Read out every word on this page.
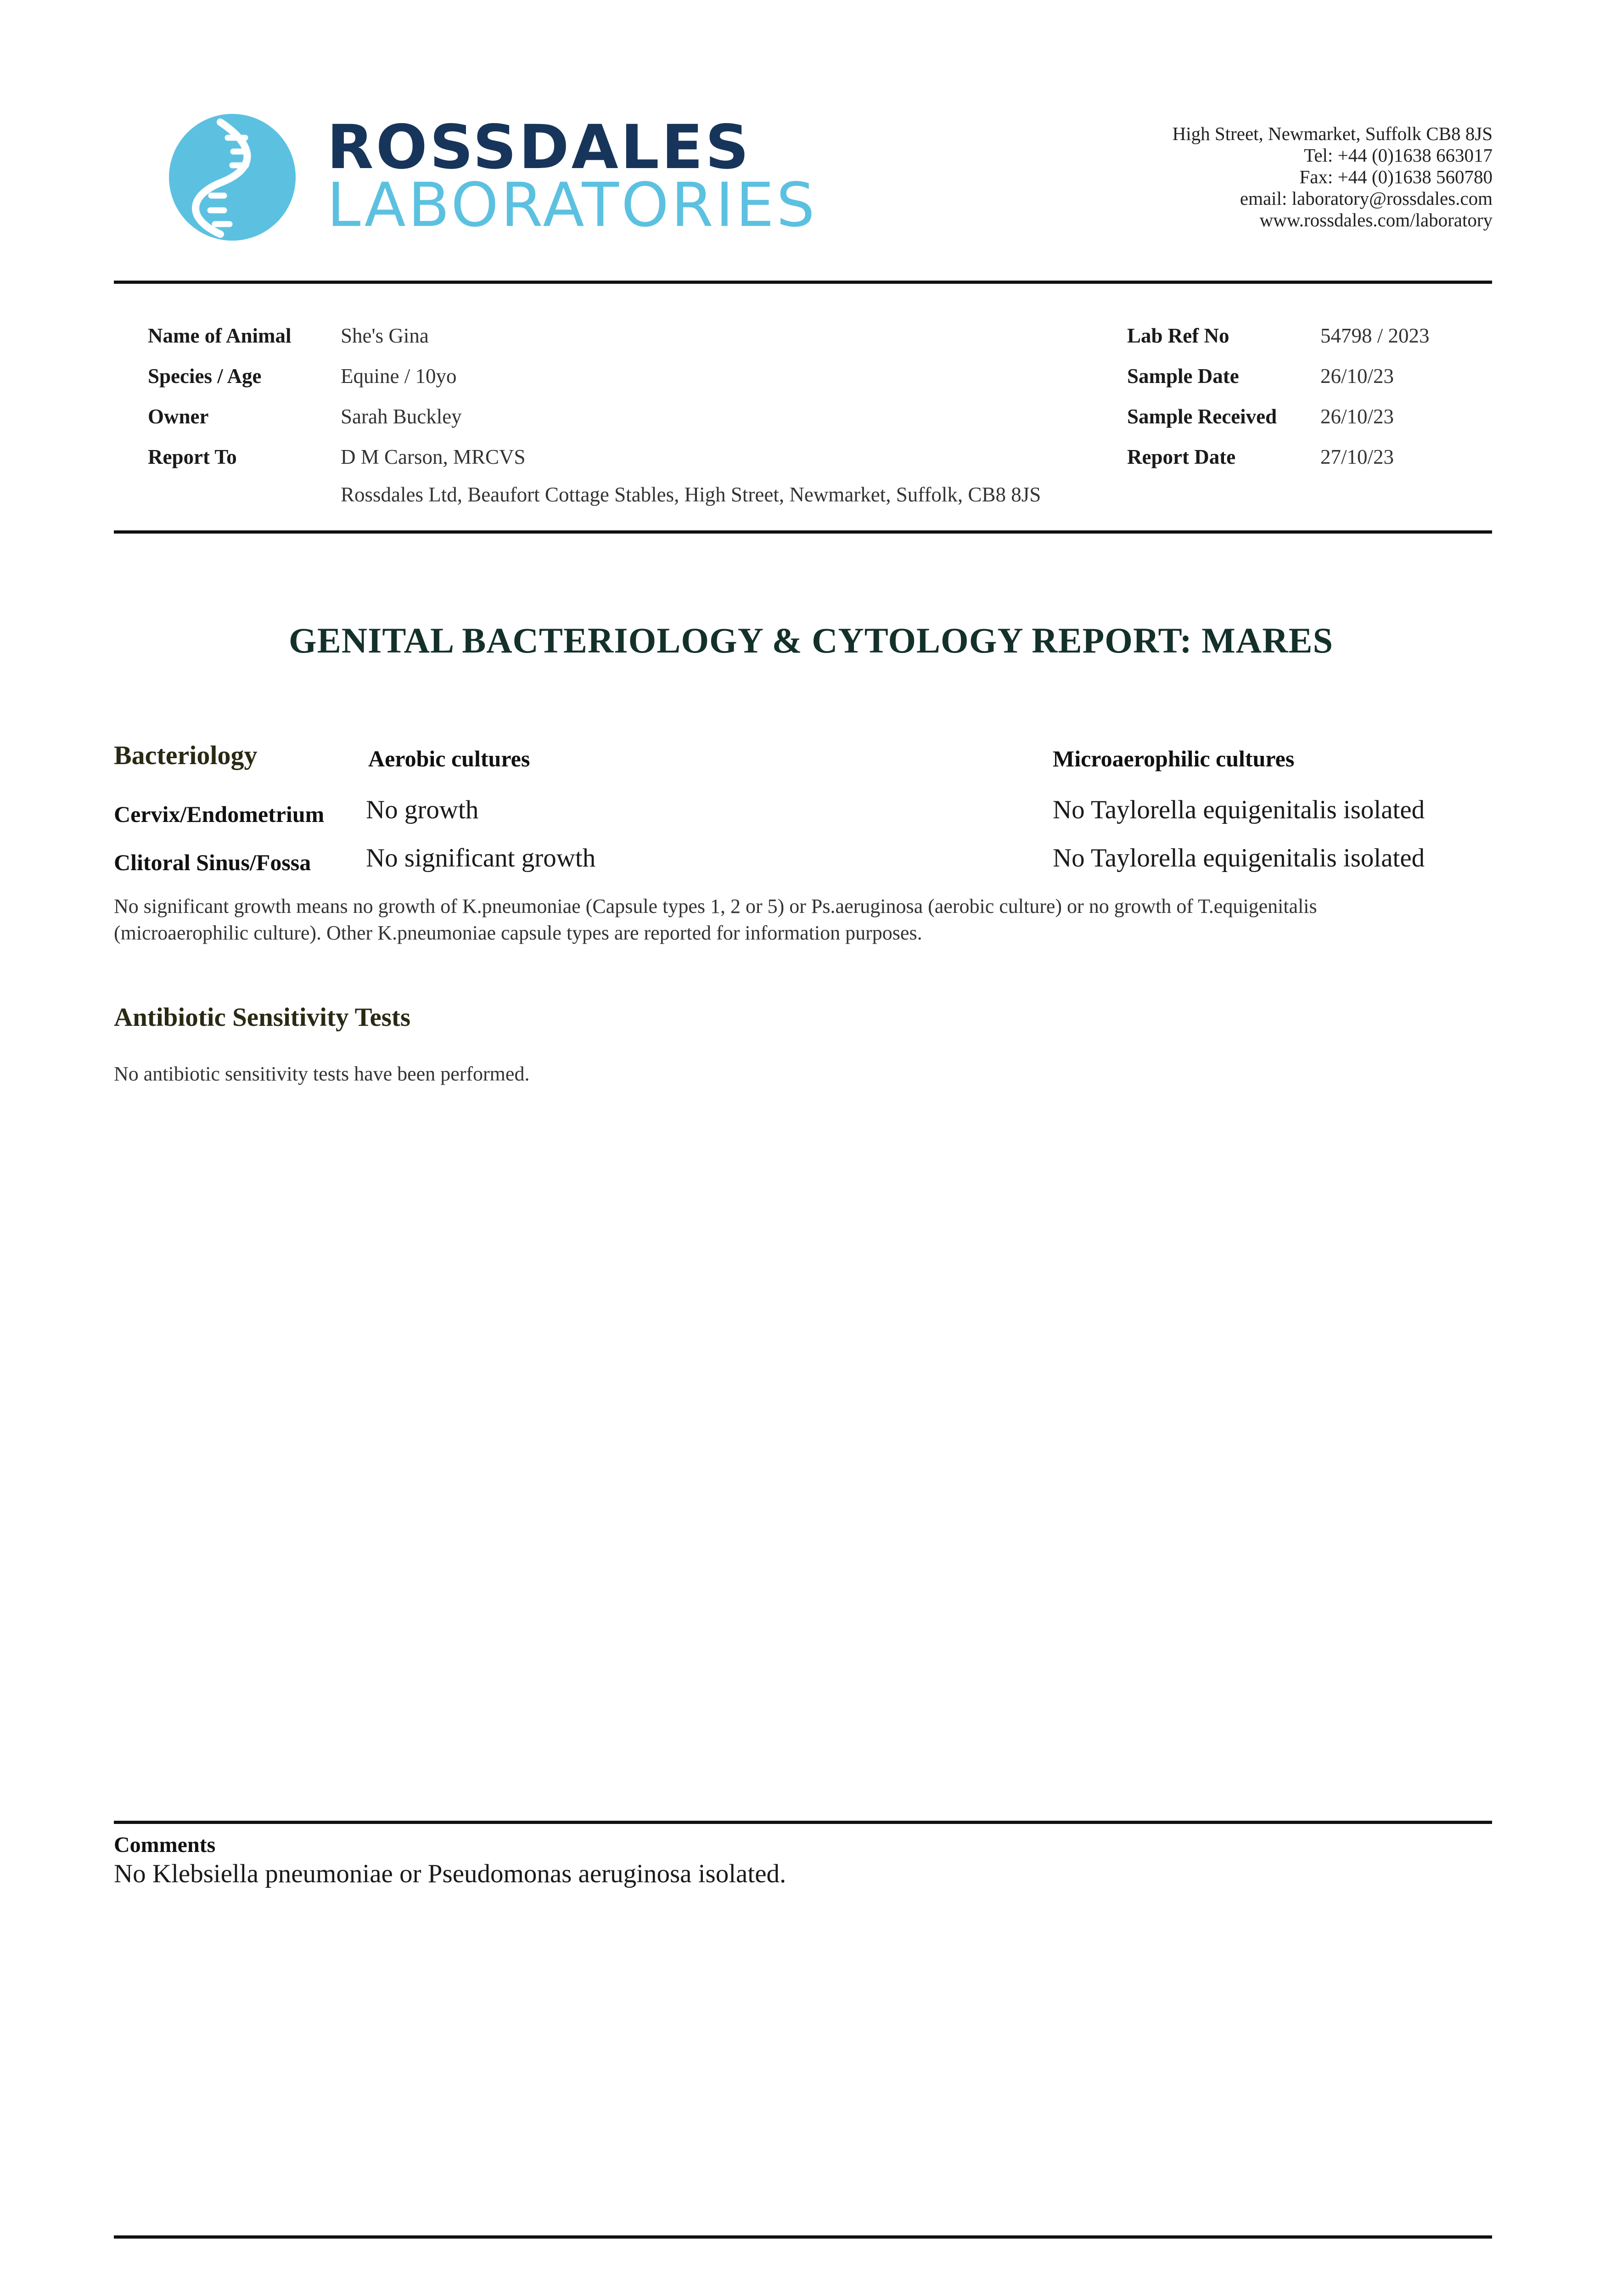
ROSSDALES
LABORATORIES
High Street, Newmarket, Suffolk CB8 8JS
Tel: +44 (0)1638 663017
Fax: +44 (0)1638 560780
email: laboratory@rossdales.com
www.rossdales.com/laboratory
Name of Animal She's Gina
Species / Age	Equine / 10yo
Owner	Sarah Buckley
Report To	D M Carson, MRCVS
Rossdales Ltd, Beaufort Cottage Stables, High Street, Newmarket, Suffolk, CB8 8JS
Lab Ref No	54798 / 2023
Sample Date	26/10/23
Sample Received 26/10/23
Report Date	27/10/23
GENITAL BACTERIOLOGY & CYTOLOGY REPORT: MARES
Bacteriology	Aerobic cultures	Microaerophilic cultures
Cervix/Endometrium No growth	No Taylorella equigenitalis isolated
Clitoral Sinus/Fossa No significant growth	No Taylorella equigenitalis isolated
No significant growth means no growth of K.pneumoniae (Capsule types 1, 2 or 5) or Ps.aeruginosa (aerobic culture) or no growth of T.equigenitalis
(microaerophilic culture). Other K.pneumoniae capsule types are reported for information purposes.
Antibiotic Sensitivity Tests
No antibiotic sensitivity tests have been performed.
Comments
No Klebsiella pneumoniae or Pseudomonas aeruginosa isolated.
